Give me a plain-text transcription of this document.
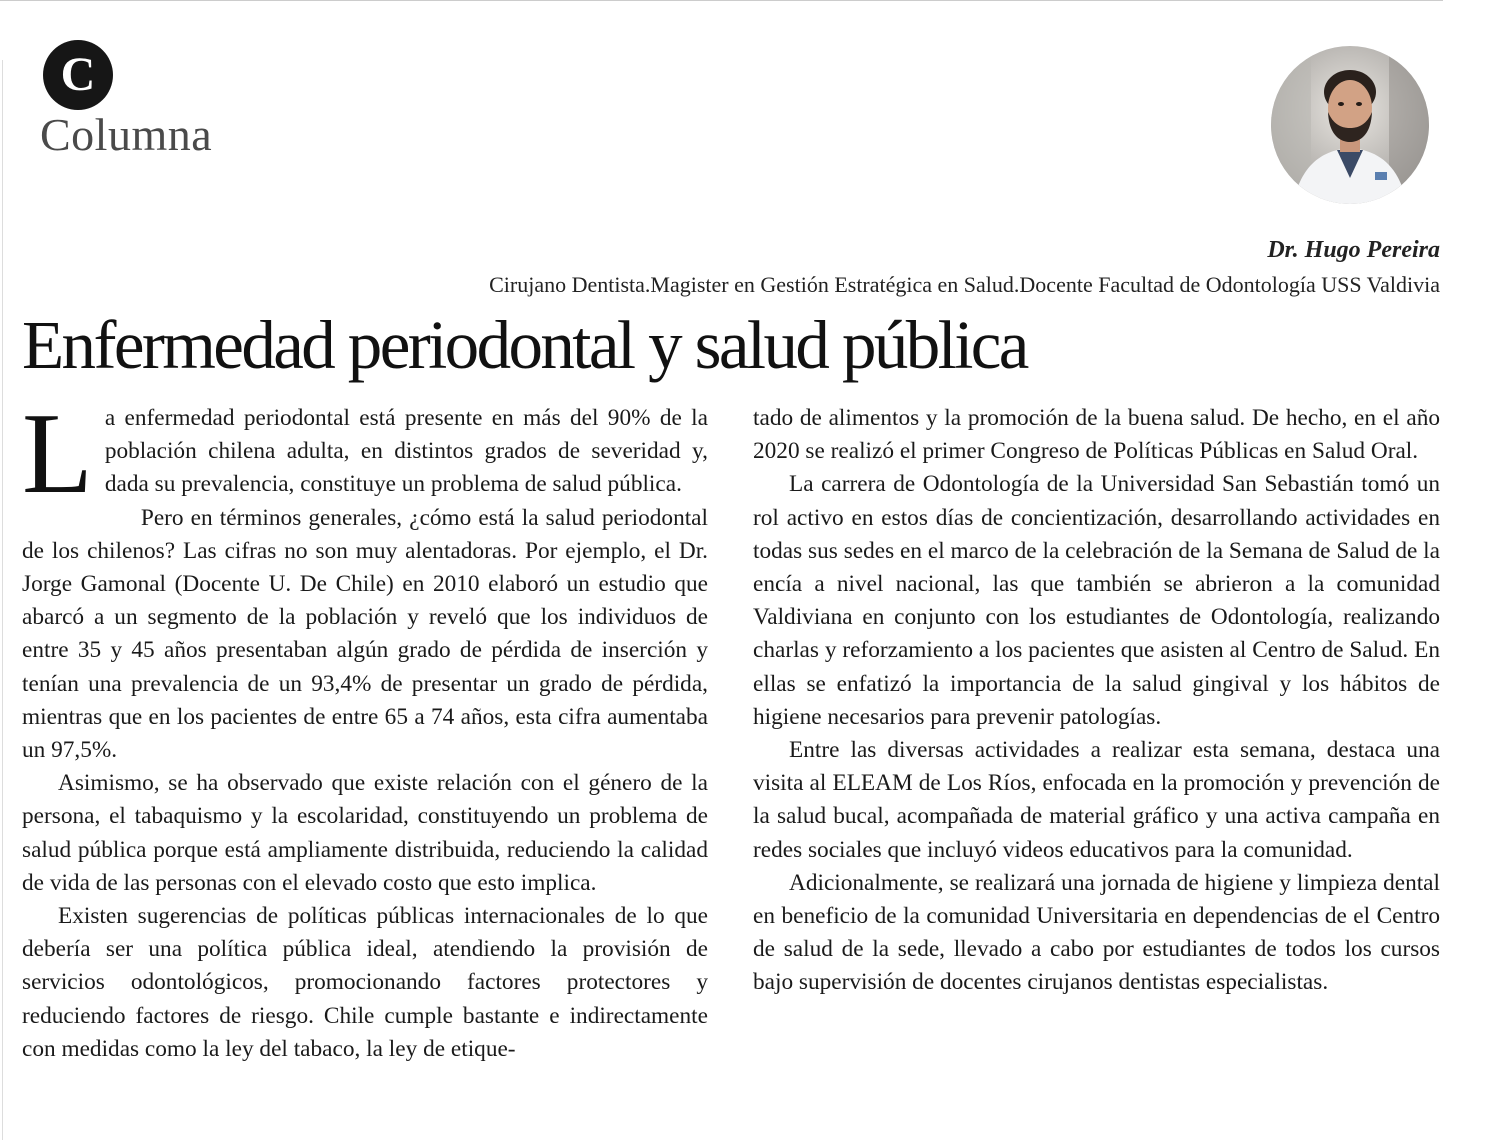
C
Columna
Dr. Hugo Pereira
Cirujano Dentista.Magister en Gestión Estratégica en Salud.Docente Facultad de Odontología USS Valdivia
Enfermedad periodontal y salud pública

La enfermedad periodontal está presente en más del 90% de la población chilena adulta, en distintos grados de severidad y, dada su prevalencia, constituye un problema de salud pública.

Pero en términos generales, ¿cómo está la salud periodontal de los chilenos? Las cifras no son muy alentadoras. Por ejemplo, el Dr. Jorge Gamonal (Docente U. De Chile) en 2010 elaboró un estudio que abarcó a un segmento de la población y reveló que los individuos de entre 35 y 45 años presentaban algún grado de pérdida de inserción y tenían una prevalencia de un 93,4% de presentar un grado de pérdida, mientras que en los pacientes de entre 65 a 74 años, esta cifra aumentaba un 97,5%.

Asimismo, se ha observado que existe relación con el género de la persona, el tabaquismo y la escolaridad, constituyendo un problema de salud pública porque está ampliamente distribuida, reduciendo la calidad de vida de las personas con el elevado costo que esto implica.

Existen sugerencias de políticas públicas internacionales de lo que debería ser una política pública ideal, atendiendo la provisión de servicios odontológicos, promocionando factores protectores y reduciendo factores de riesgo. Chile cumple bastante e indirectamente con medidas como la ley del tabaco, la ley de etique-

tado de alimentos y la promoción de la buena salud. De hecho, en el año 2020 se realizó el primer Congreso de Políticas Públicas en Salud Oral.

La carrera de Odontología de la Universidad San Sebastián tomó un rol activo en estos días de concientización, desarrollando actividades en todas sus sedes en el marco de la celebración de la Semana de Salud de la encía a nivel nacional, las que también se abrieron a la comunidad Valdiviana en conjunto con los estudiantes de Odontología, realizando charlas y reforzamiento a los pacientes que asisten al Centro de Salud. En ellas se enfatizó la importancia de la salud gingival y los hábitos de higiene necesarios para prevenir patologías.

Entre las diversas actividades a realizar esta semana, destaca una visita al ELEAM de Los Ríos, enfocada en la promoción y prevención de la salud bucal, acompañada de material gráfico y una activa campaña en redes sociales que incluyó videos educativos para la comunidad.

Adicionalmente, se realizará una jornada de higiene y limpieza dental en beneficio de la comunidad Universitaria en dependencias de el Centro de salud de la sede, llevado a cabo por estudiantes de todos los cursos bajo supervisión de docentes cirujanos dentistas especialistas.
